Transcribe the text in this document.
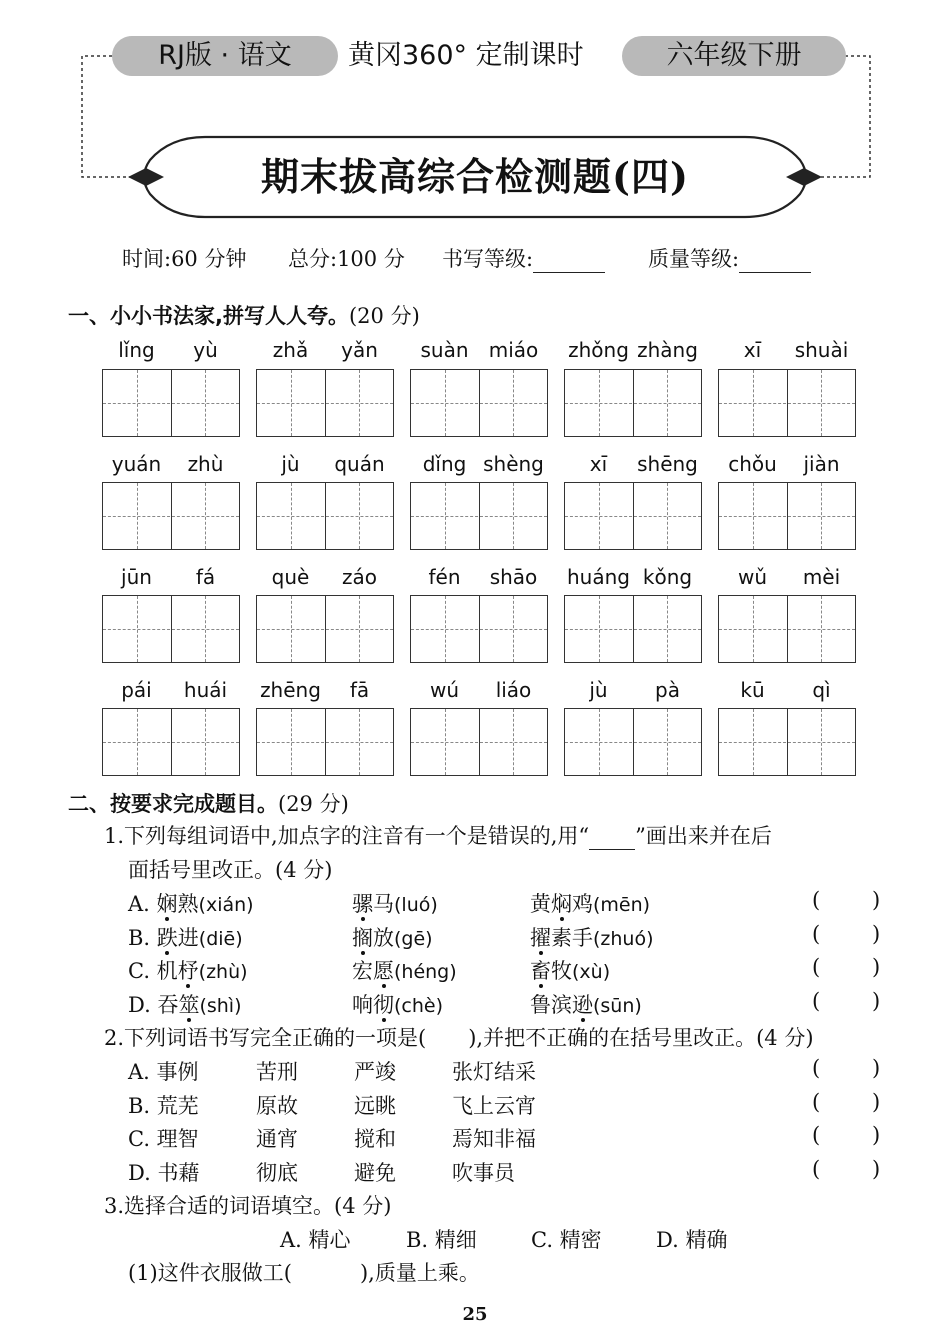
RJ版 · 语文	黄冈360° 定制课时	六年级下册
期末拔高综合检测题(四)
时间:60 分钟 总分:100 分 书写等级:	质量等级:
一、小小书法家,拼写人人夸。(20 分)
lǐng	yù	zhǎ	yǎn	suàn	miáo	zhǒng zhàng	xī	shuài
yuán	zhù	jù	quán	dǐng shèng	xī	shēng	chǒu	jiàn
jūn	fá	què	záo	fén	shāo	huáng kǒng	wǔ	mèi
pái	huái	zhēng	fā	wú	liáo	jù	pà	kū	qì
二、按要求完成题目。(29 分)
1.下列每组词语中,加点字的注音有一个是错误的,用“ ”画出来并在后
面括号里改正。(4 分)
A. 娴熟(xián)	骡马(luó)	黄焖鸡(mēn)	( )
B. 跌进(diē)	搁放(gē)	擢素手(zhuó)	( )
C. 机杼(zhù)	宏愿(héng)	畜牧(xù)	( )
D. 吞筮(shì)	响彻(chè)	鲁滨逊(sūn)	( )
2.下列词语书写完全正确的一项是( ),并把不正确的在括号里改正。(4 分)
A. 事例	苦刑	严竣	张灯结采	( )
B. 荒芜	原故	远眺	飞上云宵	( )
C. 理智	通宵	搅和	焉知非福	( )
D. 书藉	彻底	避免	吹事员	( )
3.选择合适的词语填空。(4 分)
A. 精心	B. 精细	C. 精密	D. 精确
(1)这件衣服做工(	),质量上乘。
25
